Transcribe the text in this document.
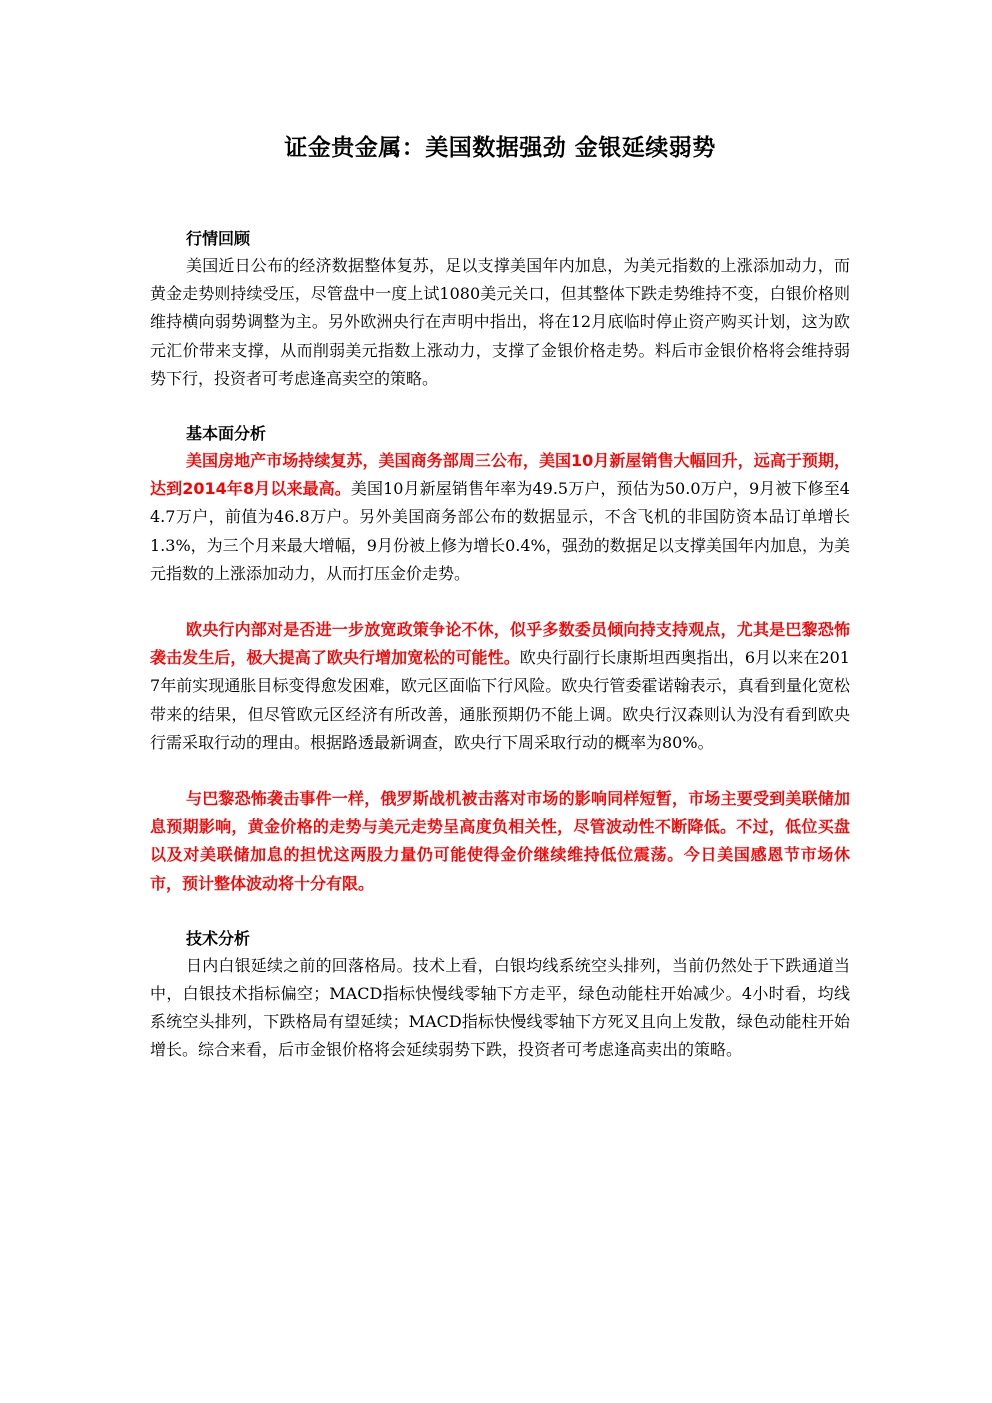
证金贵金属：美国数据强劲 金银延续弱势

行情回顾

美国近日公布的经济数据整体复苏，足以支撑美国年内加息，为美元指数的上涨添加动力，而黄金走势则持续受压，尽管盘中一度上试1080美元关口，但其整体下跌走势维持不变，白银价格则维持横向弱势调整为主。另外欧洲央行在声明中指出，将在12月底临时停止资产购买计划，这为欧元汇价带来支撑，从而削弱美元指数上涨动力，支撑了金银价格走势。料后市金银价格将会维持弱势下行，投资者可考虑逢高卖空的策略。

基本面分析

美国房地产市场持续复苏，美国商务部周三公布，美国10月新屋销售大幅回升，远高于预期，达到2014年8月以来最高。美国10月新屋销售年率为49.5万户，预估为50.0万户，9月被下修至44.7万户，前值为46.8万户。另外美国商务部公布的数据显示，不含飞机的非国防资本品订单增长1.3%，为三个月来最大增幅，9月份被上修为增长0.4%，强劲的数据足以支撑美国年内加息，为美元指数的上涨添加动力，从而打压金价走势。

欧央行内部对是否进一步放宽政策争论不休，似乎多数委员倾向持支持观点，尤其是巴黎恐怖袭击发生后，极大提高了欧央行增加宽松的可能性。欧央行副行长康斯坦西奥指出，6月以来在2017年前实现通胀目标变得愈发困难，欧元区面临下行风险。欧央行管委霍诺翰表示，真看到量化宽松带来的结果，但尽管欧元区经济有所改善，通胀预期仍不能上调。欧央行汉森则认为没有看到欧央行需采取行动的理由。根据路透最新调查，欧央行下周采取行动的概率为80%。

与巴黎恐怖袭击事件一样，俄罗斯战机被击落对市场的影响同样短暂，市场主要受到美联储加息预期影响，黄金价格的走势与美元走势呈高度负相关性，尽管波动性不断降低。不过，低位买盘以及对美联储加息的担忧这两股力量仍可能使得金价继续维持低位震荡。今日美国感恩节市场休市，预计整体波动将十分有限。

技术分析

日内白银延续之前的回落格局。技术上看，白银均线系统空头排列，当前仍然处于下跌通道当中，白银技术指标偏空；MACD指标快慢线零轴下方走平，绿色动能柱开始减少。4小时看，均线系统空头排列，下跌格局有望延续；MACD指标快慢线零轴下方死叉且向上发散，绿色动能柱开始增长。综合来看，后市金银价格将会延续弱势下跌，投资者可考虑逢高卖出的策略。
